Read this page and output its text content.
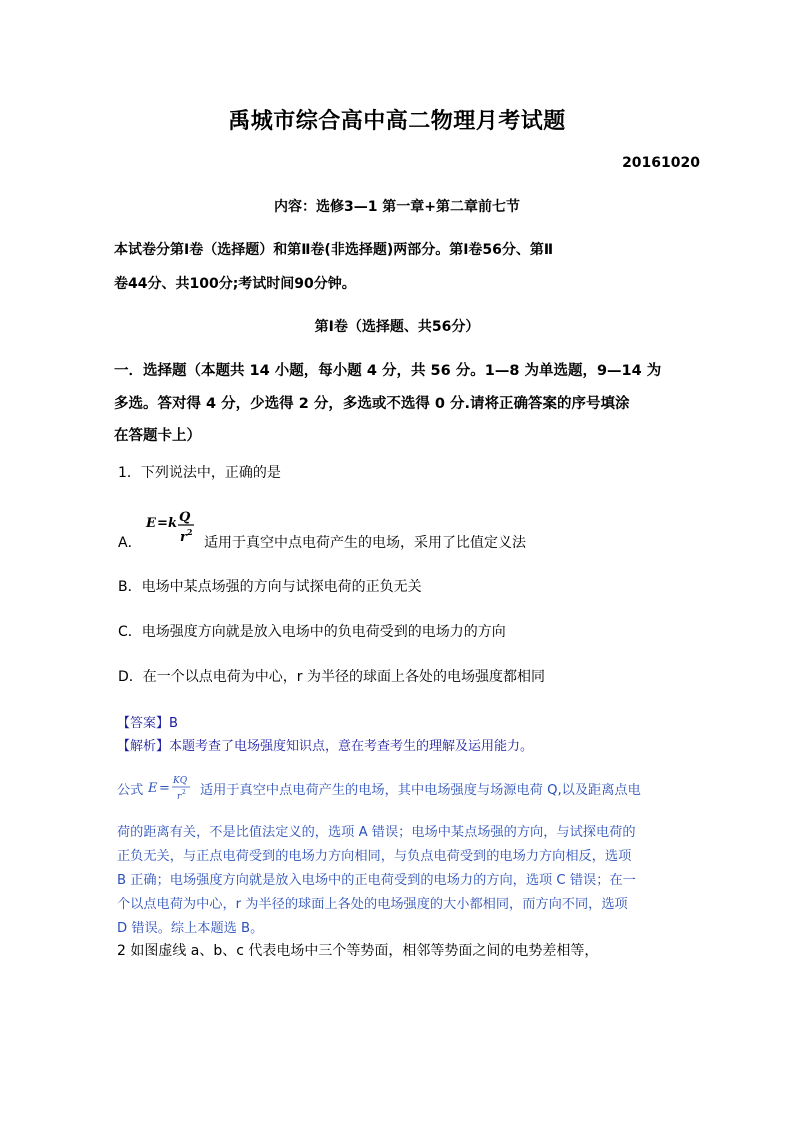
禹城市综合高中高二物理月考试题
20161020
内容：选修3—1 第一章+第二章前七节
本试卷分第Ⅰ卷（选择题）和第Ⅱ卷(非选择题)两部分。第Ⅰ卷56分、第Ⅱ
卷44分、共100分;考试时间90分钟。
第Ⅰ卷（选择题、共56分）
一．选择题（本题共 14 小题，每小题 4 分，共 56 分。1—8 为单选题，9—14 为
多选。答对得 4 分，少选得 2 分，多选或不选得 0 分.请将正确答案的序号填涂
在答题卡上）
1．下列说法中，正确的是
A．
E = k Q
r 2
适用于真空中点电荷产生的电场，采用了比值定义法
B．电场中某点场强的方向与试探电荷的正负无关
C．电场强度方向就是放入电场中的负电荷受到的电场力的方向
D．在一个以点电荷为中心，r 为半径的球面上各处的电场强度都相同
【答案】B
【解析】本题考查了电场强度知识点，意在考查考生的理解及运用能力。
公式 E = KQ
r 2 适用于真空中点电荷产生的电场，其中电场强度与场源电荷 Q,以及距离点电
荷的距离有关，不是比值法定义的，选项 A 错误；电场中某点场强的方向，与试探电荷的
正负无关，与正点电荷受到的电场力方向相同，与负点电荷受到的电场力方向相反，选项
B 正确；电场强度方向就是放入电场中的正电荷受到的电场力的方向，选项 C 错误；在一
个以点电荷为中心，r 为半径的球面上各处的电场强度的大小都相同，而方向不同，选项
D 错误。综上本题选 B。
2 如图虚线 a、b、c 代表电场中三个等势面，相邻等势面之间的电势差相等，
